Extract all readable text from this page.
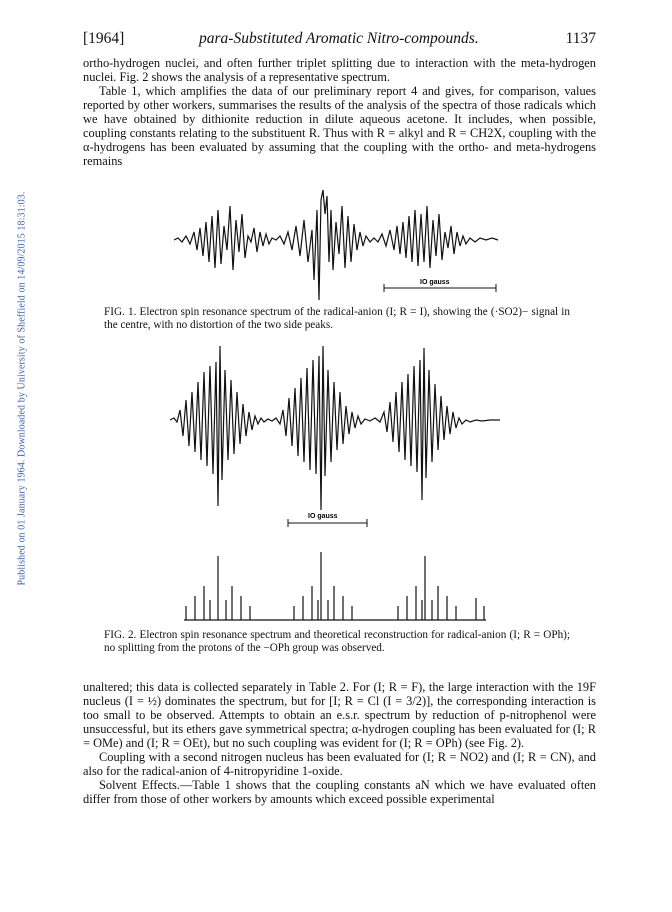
Published on 01 January 1964. Downloaded by University of Sheffield on 14/09/2015 18:31:03.
[1964]	para-Substituted Aromatic Nitro-compounds.	1137

ortho-hydrogen nuclei, and often further triplet splitting due to interaction with the meta-hydrogen nuclei. Fig. 2 shows the analysis of a representative spectrum.

Table 1, which amplifies the data of our preliminary report 4 and gives, for comparison, values reported by other workers, summarises the results of the analysis of the spectra of those radicals which we have obtained by dithionite reduction in dilute aqueous acetone. It includes, when possible, coupling constants relating to the substituent R. Thus with R = alkyl and R = CH2X, coupling with the α-hydrogens has been evaluated by assuming that the coupling with the ortho- and meta-hydrogens remains

IO gauss
IO gauss
FIG. 1. Electron spin resonance spectrum of the radical-anion (I; R = I), showing the (·SO2)− signal in the centre, with no distortion of the two side peaks.
FIG. 2. Electron spin resonance spectrum and theoretical reconstruction for radical-anion (I; R = OPh); no splitting from the protons of the −OPh group was observed.

unaltered; this data is collected separately in Table 2. For (I; R = F), the large interaction with the 19F nucleus (I = ½) dominates the spectrum, but for [I; R = Cl (I = 3/2)], the corresponding interaction is too small to be observed. Attempts to obtain an e.s.r. spectrum by reduction of p-nitrophenol were unsuccessful, but its ethers gave symmetrical spectra; α-hydrogen coupling has been evaluated for (I; R = OMe) and (I; R = OEt), but no such coupling was evident for (I; R = OPh) (see Fig. 2).

Coupling with a second nitrogen nucleus has been evaluated for (I; R = NO2) and (I; R = CN), and also for the radical-anion of 4-nitropyridine 1-oxide.

Solvent Effects.—Table 1 shows that the coupling constants aN which we have evaluated often differ from those of other workers by amounts which exceed possible experimental
